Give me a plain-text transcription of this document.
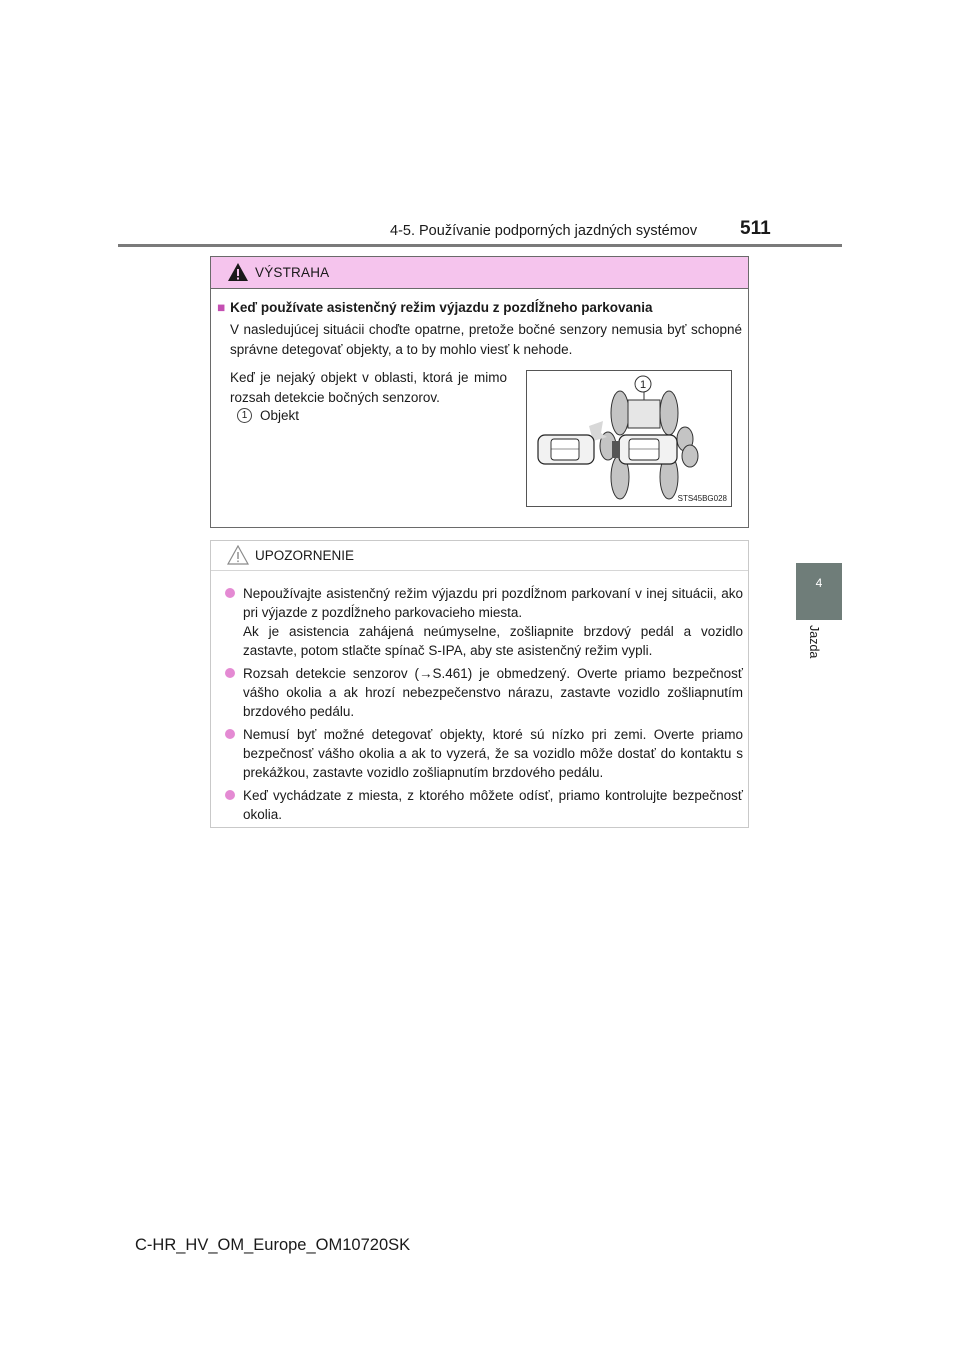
4-5. Používanie podporných jazdných systémov 511
4
Jazda
VÝSTRAHA
■ Keď používate asistenčný režim výjazdu z pozdĺžneho parkovania
V nasledujúcej situácii choďte opatrne, pretože bočné senzory nemusia byť schopné správne detegovať objekty, a to by mohlo viesť k nehode.
Keď je nejaký objekt v oblasti, ktorá je mimo rozsah detekcie bočných senzorov.
1 Objekt
STS45BG028
1
UPOZORNENIE
Nepoužívajte asistenčný režim výjazdu pri pozdĺžnom parkovaní v inej situácii, ako pri výjazde z pozdĺžneho parkovacieho miesta.
Ak je asistencia zahájená neúmyselne, zošliapnite brzdový pedál a vozidlo zastavte, potom stlačte spínač S-IPA, aby ste asistenčný režim vypli.
Rozsah detekcie senzorov (→S.461) je obmedzený. Overte priamo bezpečnosť vášho okolia a ak hrozí nebezpečenstvo nárazu, zastavte vozidlo zošliapnutím brzdového pedálu.
Nemusí byť možné detegovať objekty, ktoré sú nízko pri zemi. Overte priamo bezpečnosť vášho okolia a ak to vyzerá, že sa vozidlo môže dostať do kontaktu s prekážkou, zastavte vozidlo zošliapnutím brzdového pedálu.
Keď vychádzate z miesta, z ktorého môžete odísť, priamo kontrolujte bezpečnosť okolia.
C-HR_HV_OM_Europe_OM10720SK
